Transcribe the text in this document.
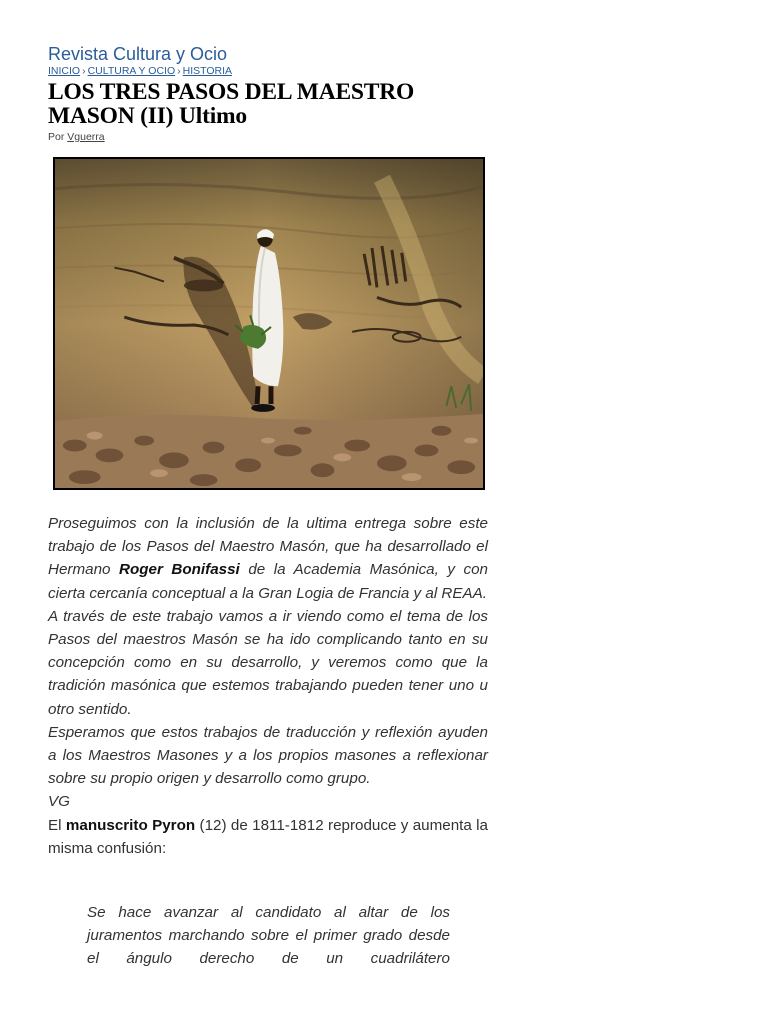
Revista Cultura y Ocio
INICIO › CULTURA Y OCIO › HISTORIA
LOS TRES PASOS DEL MAESTRO
MASON (II) Ultimo
Por Vguerra

Proseguimos con la inclusión de la ultima entrega sobre este trabajo de los Pasos del Maestro Masón, que ha desarrollado el Hermano Roger Bonifassi de la Academia Masónica, y con cierta cercanía conceptual a la Gran Logia de Francia y al REAA.

A través de este trabajo vamos a ir viendo como el tema de los Pasos del maestros Masón se ha ido complicando tanto en su concepción como en su desarrollo, y veremos como que la tradición masónica que estemos trabajando pueden tener uno u otro sentido.

Esperamos que estos trabajos de traducción y reflexión ayuden a los Maestros Masones y a los propios masones a reflexionar sobre su propio origen y desarrollo como grupo.

VG

El manuscrito Pyron (12) de 1811-1812 reproduce y aumenta la misma confusión:

Se hace avanzar al candidato al altar de los juramentos marchando sobre el primer grado desde el ángulo derecho de un cuadrilátero
